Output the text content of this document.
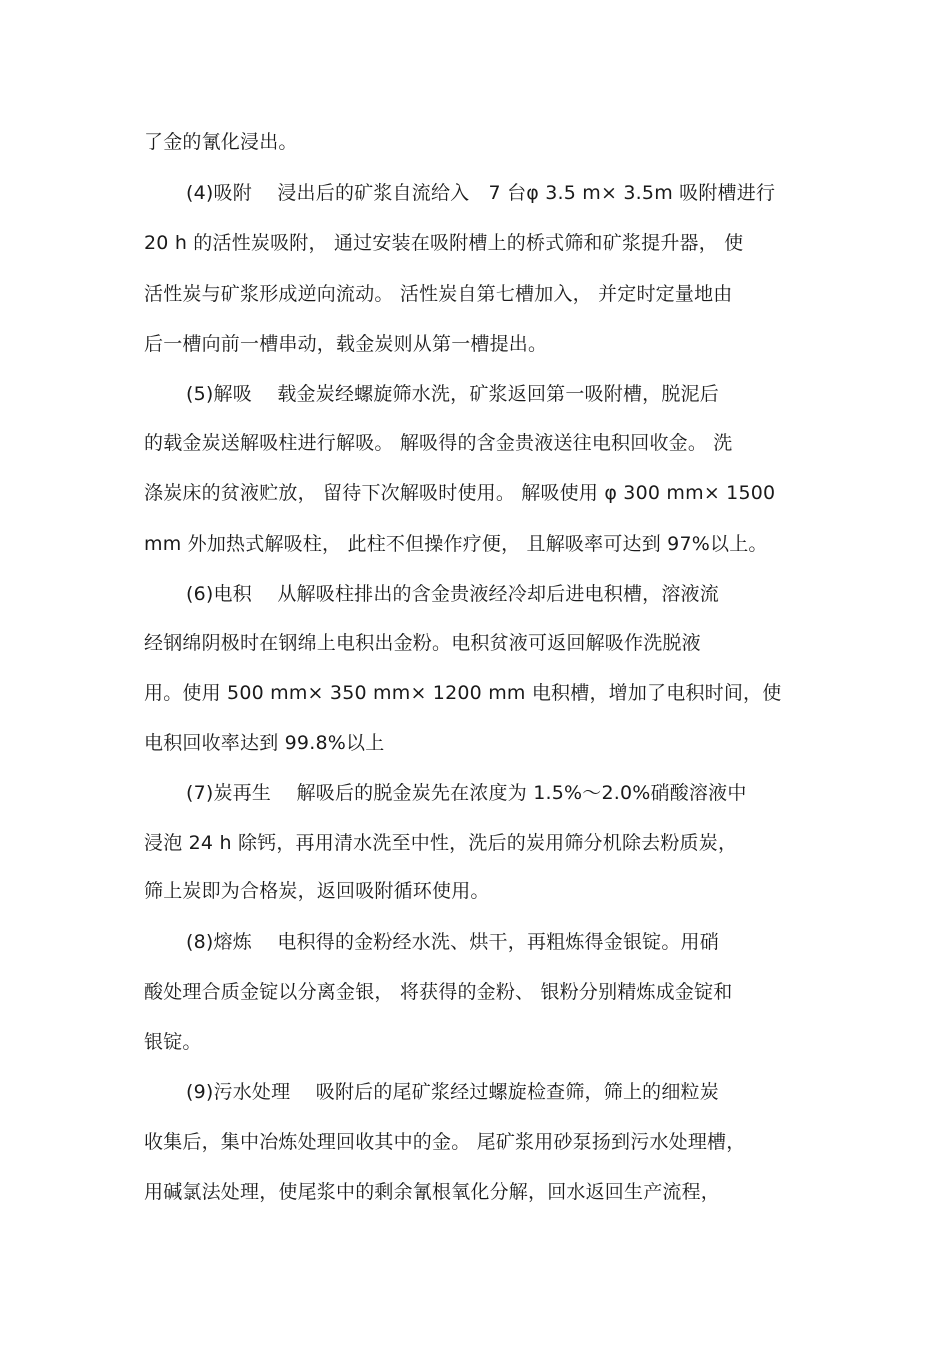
了金的氰化浸出。
(4)吸附　 浸出后的矿浆自流给入　7 台φ 3.5 m× 3.5m 吸附槽进行
20 h 的活性炭吸附， 通过安装在吸附槽上的桥式筛和矿浆提升器， 使
活性炭与矿浆形成逆向流动。 活性炭自第七槽加入， 并定时定量地由
后一槽向前一槽串动，载金炭则从第一槽提出。
(5)解吸　 载金炭经螺旋筛水洗，矿浆返回第一吸附槽，脱泥后
的载金炭送解吸柱进行解吸。 解吸得的含金贵液送往电积回收金。 洗
涤炭床的贫液贮放， 留待下次解吸时使用。 解吸使用 φ 300 mm× 1500
mm 外加热式解吸柱， 此柱不但操作疗便， 且解吸率可达到 97%以上。
(6)电积　 从解吸柱排出的含金贵液经冷却后进电积槽，溶液流
经钢绵阴极时在钢绵上电积出金粉。电积贫液可返回解吸作洗脱液
用。使用 500 mm× 350 mm× 1200 mm 电积槽，增加了电积时间，使
电积回收率达到 99.8%以上
(7)炭再生　 解吸后的脱金炭先在浓度为 1.5%～2.0%硝酸溶液中
浸泡 24 h 除钙，再用清水洗至中性，洗后的炭用筛分机除去粉质炭，
筛上炭即为合格炭，返回吸附循环使用。
(8)熔炼　 电积得的金粉经水洗、烘干，再粗炼得金银锭。用硝
酸处理合质金锭以分离金银， 将获得的金粉、 银粉分别精炼成金锭和
银锭。
(9)污水处理　 吸附后的尾矿浆经过螺旋检查筛，筛上的细粒炭
收集后，集中冶炼处理回收其中的金。 尾矿浆用砂泵扬到污水处理槽，
用碱氯法处理，使尾浆中的剩余氰根氧化分解，回水返回生产流程，
